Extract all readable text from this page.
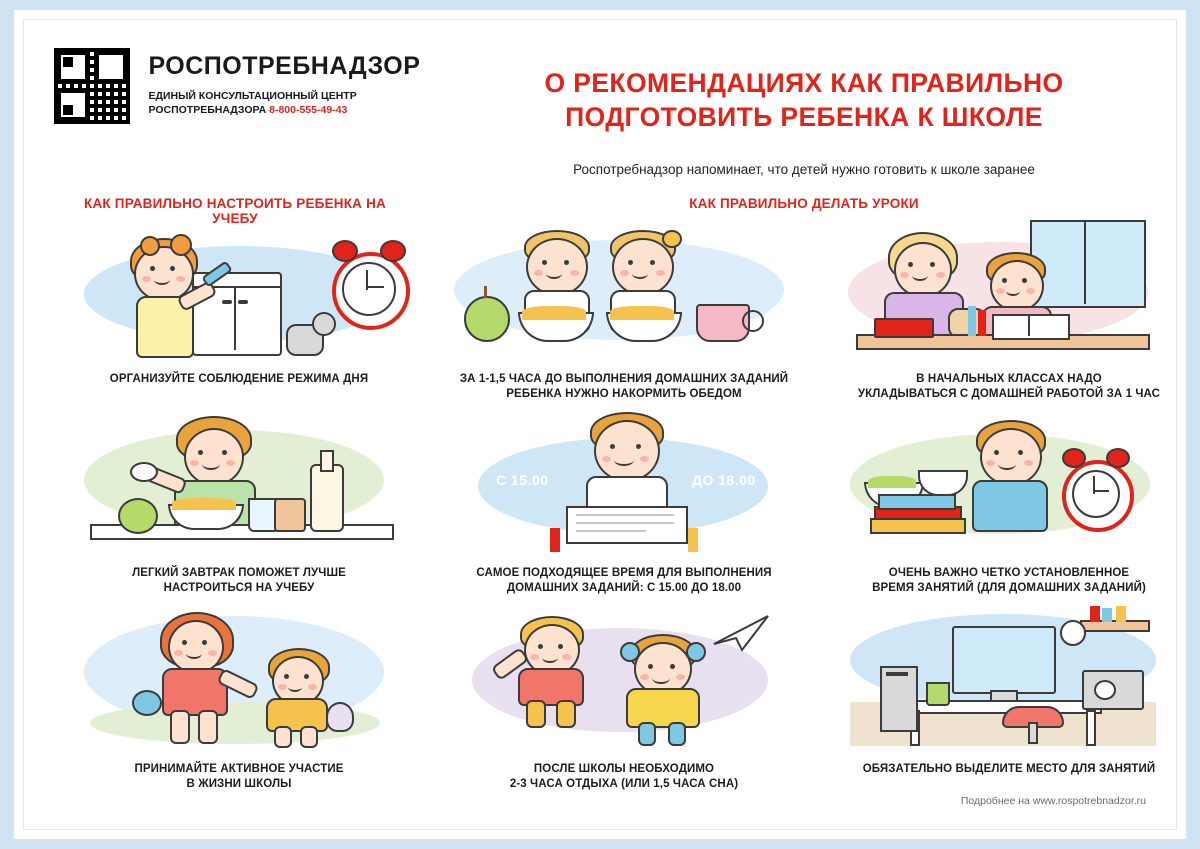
РОСПОТРЕБНАДЗОР
ЕДИНЫЙ КОНСУЛЬТАЦИОННЫЙ ЦЕНТР
РОСПОТРЕБНАДЗОРА 8-800-555-49-43
О РЕКОМЕНДАЦИЯХ КАК ПРАВИЛЬНО
ПОДГОТОВИТЬ РЕБЕНКА К ШКОЛЕ
Роспотребнадзор напоминает, что детей нужно готовить к школе заранее
КАК ПРАВИЛЬНО НАСТРОИТЬ РЕБЕНКА НА УЧЕБУ
КАК ПРАВИЛЬНО ДЕЛАТЬ УРОКИ
ОРГАНИЗУЙТЕ СОБЛЮДЕНИЕ РЕЖИМА ДНЯ	ЗА 1-1,5 ЧАСА ДО ВЫПОЛНЕНИЯ ДОМАШНИХ ЗАДАНИЙ
РЕБЕНКА НУЖНО НАКОРМИТЬ ОБЕДОМ
В НАЧАЛЬНЫХ КЛАССАХ НАДО
УКЛАДЫВАТЬСЯ С ДОМАШНЕЙ РАБОТОЙ ЗА 1 ЧАС
ЛЕГКИЙ ЗАВТРАК ПОМОЖЕТ ЛУЧШЕ
НАСТРОИТЬСЯ НА УЧЕБУ
С 15.00	ДО 18.00
САМОЕ ПОДХОДЯЩЕЕ ВРЕМЯ ДЛЯ ВЫПОЛНЕНИЯ
ДОМАШНИХ ЗАДАНИЙ: С 15.00 ДО 18.00
ОЧЕНЬ ВАЖНО ЧЕТКО УСТАНОВЛЕННОЕ
ВРЕМЯ ЗАНЯТИЙ (ДЛЯ ДОМАШНИХ ЗАДАНИЙ)
ПРИНИМАЙТЕ АКТИВНОЕ УЧАСТИЕ
В ЖИЗНИ ШКОЛЫ
ПОСЛЕ ШКОЛЫ НЕОБХОДИМО
2-3 ЧАСА ОТДЫХА (ИЛИ 1,5 ЧАСА СНА)
ОБЯЗАТЕЛЬНО ВЫДЕЛИТЕ МЕСТО ДЛЯ ЗАНЯТИЙ
Подробнее на www.rospotrebnadzor.ru
